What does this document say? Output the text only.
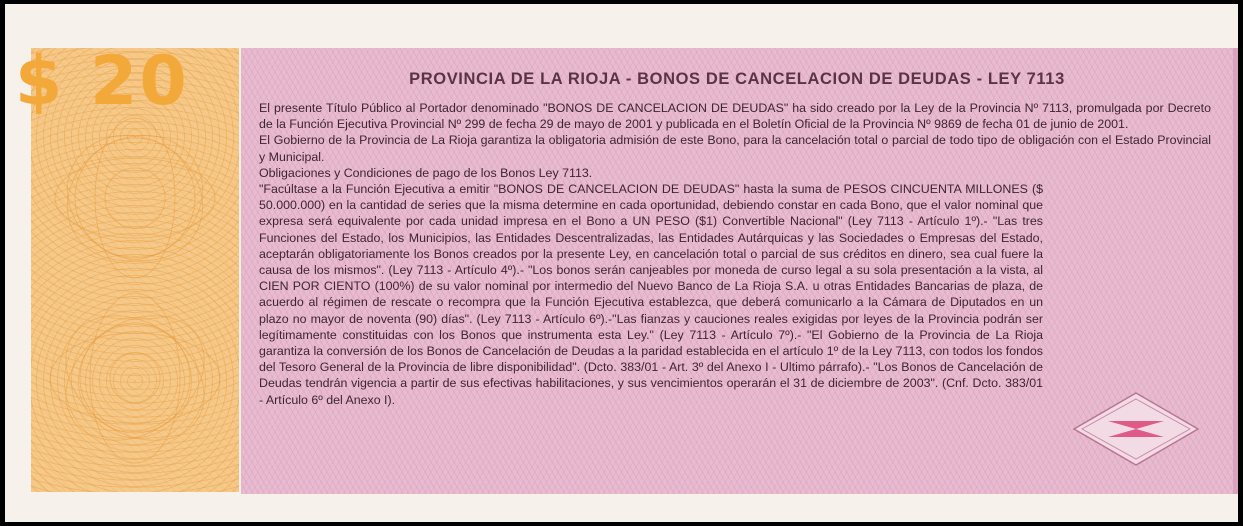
$ 20	PROVINCIA DE LA RIOJA - BONOS DE CANCELACION DE DEUDAS - LEY 7113

El presente Título Público al Portador denominado "BONOS DE CANCELACION DE DEUDAS" ha sido creado por la Ley de la Provincia Nº 7113, promulgada por Decreto de la Función Ejecutiva Provincial Nº 299 de fecha 29 de mayo de 2001 y publicada en el Boletín Oficial de la Provincia Nº 9869 de fecha 01 de junio de 2001.

El Gobierno de la Provincia de La Rioja garantiza la obligatoria admisión de este Bono, para la cancelación total o parcial de todo tipo de obligación con el Estado Provincial y Municipal.

Obligaciones y Condiciones de pago de los Bonos Ley 7113.

"Facúltase a la Función Ejecutiva a emitir "BONOS DE CANCELACION DE DEUDAS" hasta la suma de PESOS CINCUENTA MILLONES ($ 50.000.000) en la cantidad de series que la misma determine en cada oportunidad, debiendo constar en cada Bono, que el valor nominal que expresa será equivalente por cada unidad impresa en el Bono a UN PESO ($1) Convertible Nacional" (Ley 7113 - Artículo 1º).- "Las tres Funciones del Estado, los Municipios, las Entidades Descentralizadas, las Entidades Autárquicas y las Sociedades o Empresas del Estado, aceptarán obligatoriamente los Bonos creados por la presente Ley, en cancelación total o parcial de sus créditos en dinero, sea cual fuere la causa de los mismos". (Ley 7113 - Artículo 4º).- "Los bonos serán canjeables por moneda de curso legal a su sola presentación a la vista, al CIEN POR CIENTO (100%) de su valor nominal por intermedio del Nuevo Banco de La Rioja S.A. u otras Entidades Bancarias de plaza, de acuerdo al régimen de rescate o recompra que la Función Ejecutiva establezca, que deberá comunicarlo a la Cámara de Diputados en un plazo no mayor de noventa (90) días". (Ley 7113 - Artículo 6º).-"Las fianzas y cauciones reales exigidas por leyes de la Provincia podrán ser legítimamente constituidas con los Bonos que instrumenta esta Ley." (Ley 7113 - Artículo 7º).- "El Gobierno de la Provincia de La Rioja garantiza la conversión de los Bonos de Cancelación de Deudas a la paridad establecida en el artículo 1º de la Ley 7113, con todos los fondos del Tesoro General de la Provincia de libre disponibilidad". (Dcto. 383/01 - Art. 3º del Anexo I - Ultimo párrafo).- "Los Bonos de Cancelación de Deudas tendrán vigencia a partir de sus efectivas habilitaciones, y sus vencimientos operarán el 31 de diciembre de 2003". (Cnf. Dcto. 383/01 - Artículo 6º del Anexo I).
